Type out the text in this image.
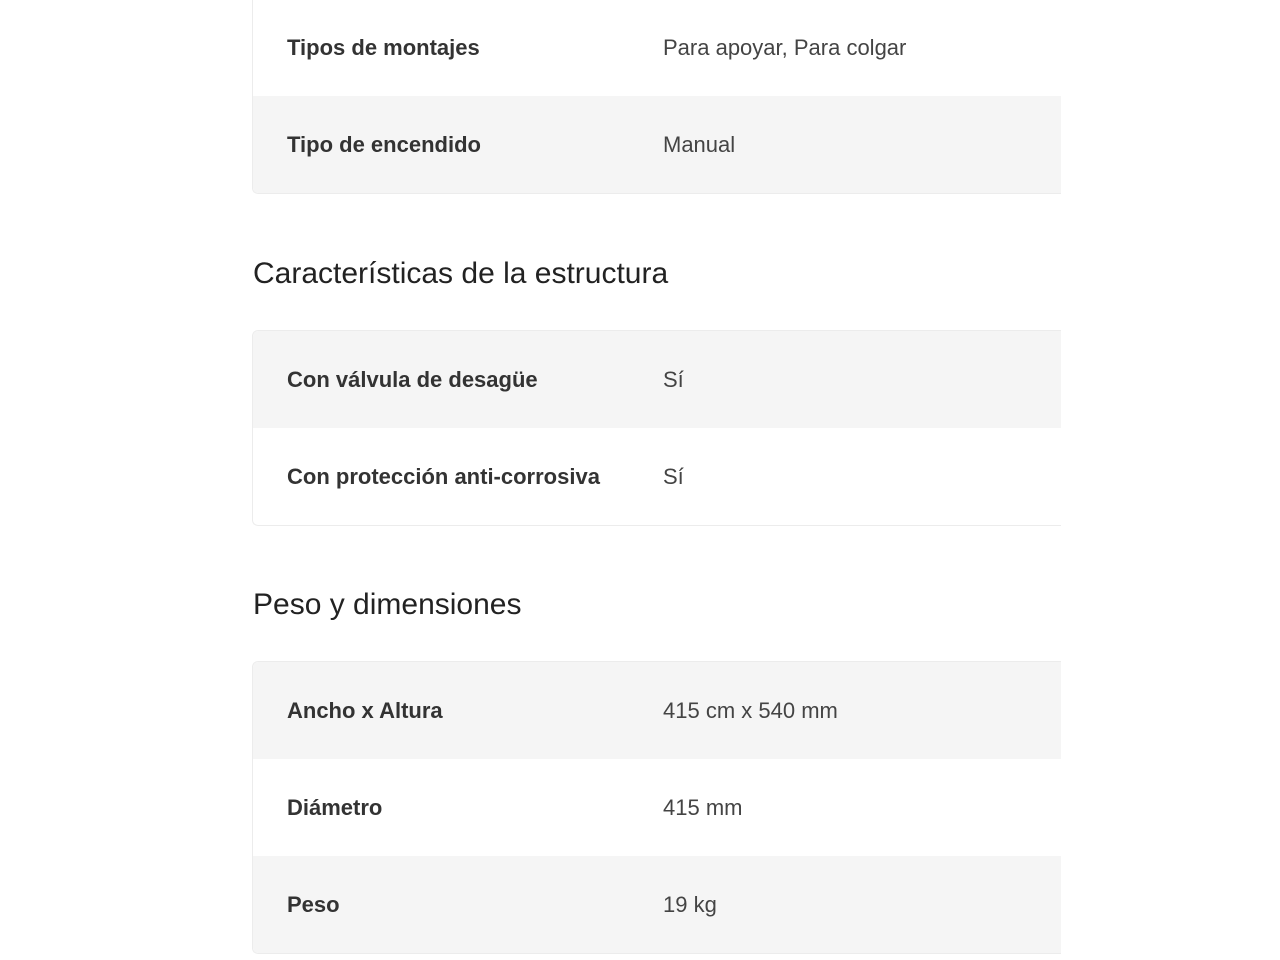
Tipos de montajes	Para apoyar, Para colgar
Tipo de encendido	Manual
Características de la estructura
Con válvula de desagüe	Sí
Con protección anti-corrosiva	Sí
Peso y dimensiones
Ancho x Altura	415 cm x 540 mm
Diámetro	415 mm
Peso	19 kg
